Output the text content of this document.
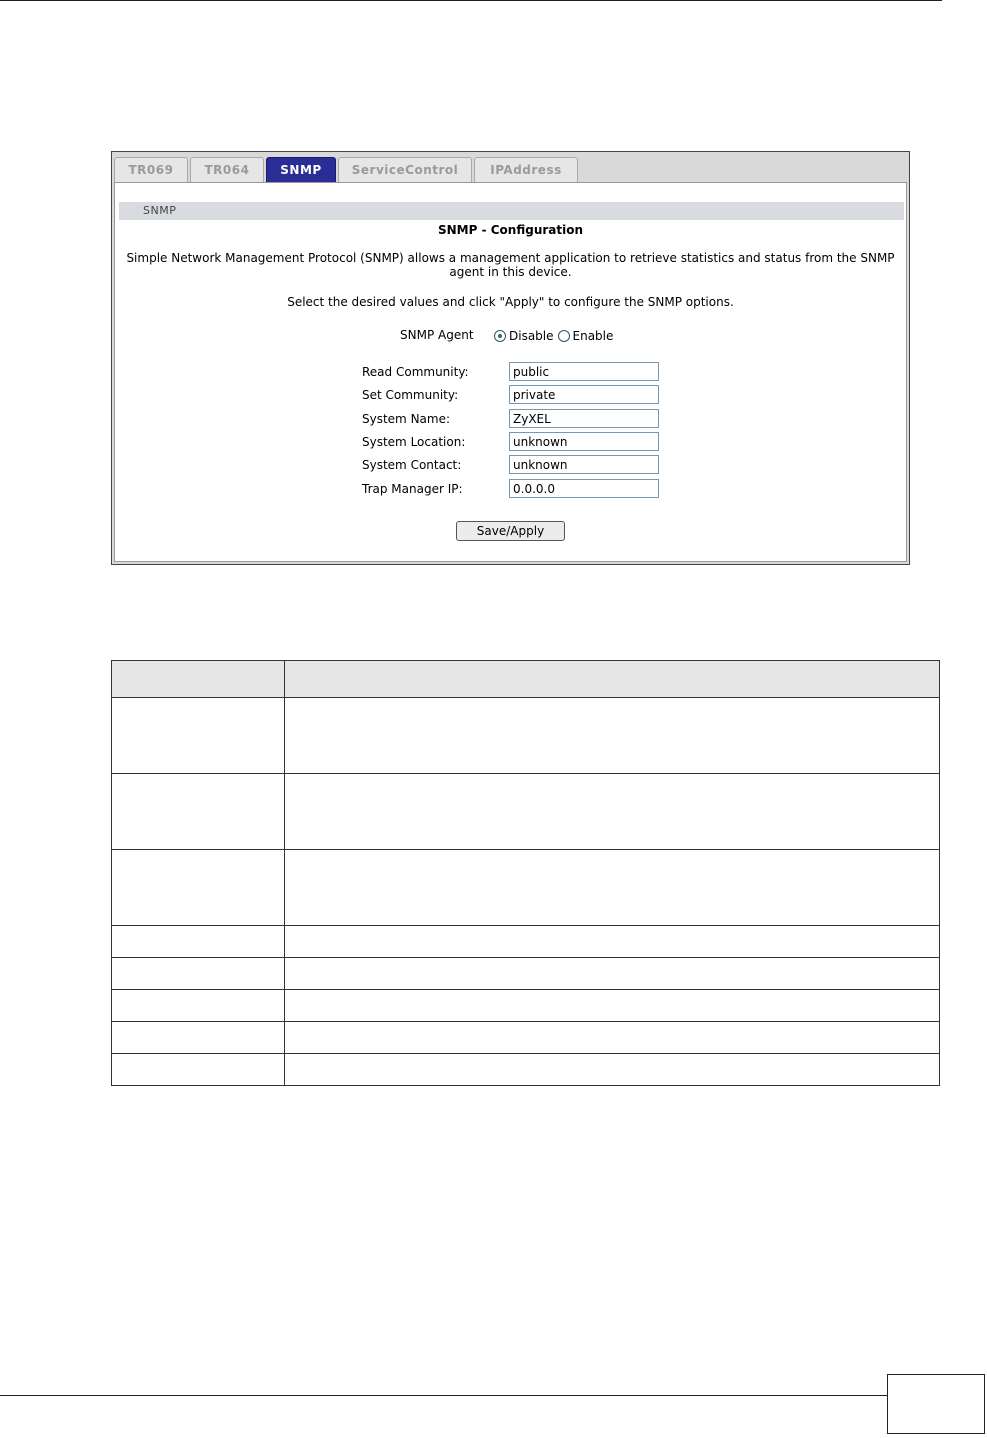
TR069	TR064	SNMP	ServiceControl	IPAddress
SNMP
SNMP - Configuration
Simple Network Management Protocol (SNMP) allows a management application to retrieve statistics and status from the SNMP agent in this device.
Select the desired values and click "Apply" to configure the SNMP options.
SNMP Agent	Disable Enable
Read Community:
public
Set Community:
private
System Name:
ZyXEL
System Location:
unknown
System Contact:
unknown
Trap Manager IP:
0.0.0.0
Save/Apply
